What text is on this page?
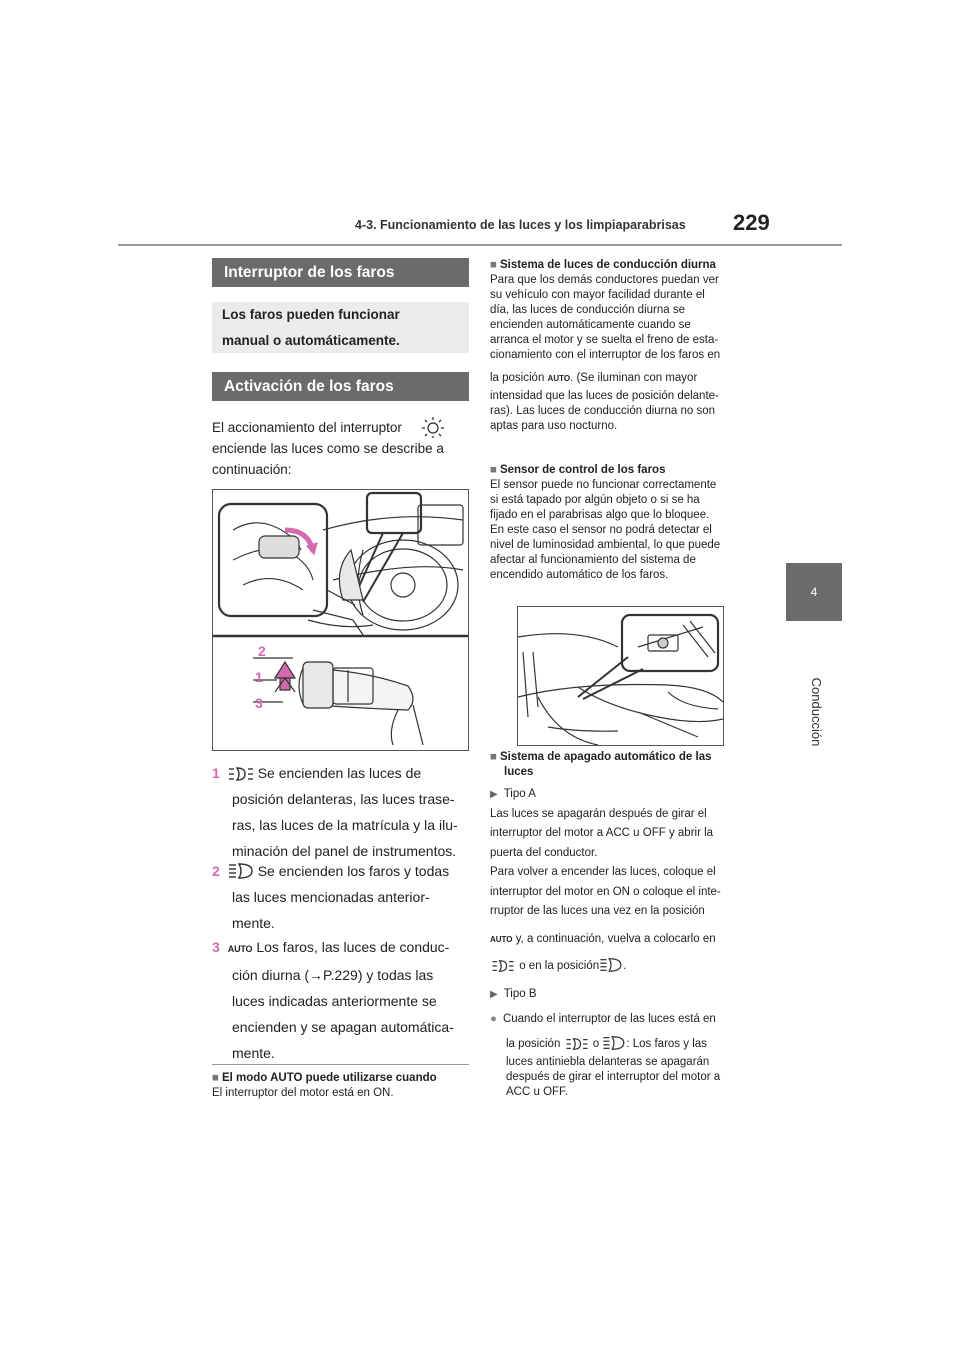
4-3. Funcionamiento de las luces y los limpiaparabrisas 229
4
Conducción
Interruptor de los faros
Los faros pueden funcionar
manual o automáticamente.
Activación de los faros
El accionamiento del interruptor
enciende las luces como se describe a
continuación:
2
1
3
1	Se encienden las luces de
posición delanteras, las luces trase-
ras, las luces de la matrícula y la ilu-
minación del panel de instrumentos.
2	Se encienden los faros y todas
las luces mencionadas anterior-
mente.
3 AUTO Los faros, las luces de conduc-
ción diurna (→P.229) y todas las
luces indicadas anteriormente se
encienden y se apagan automática-
mente.
■ El modo AUTO puede utilizarse cuando
El interruptor del motor está en ON.
■ Sistema de luces de conducción diurna
Para que los demás conductores puedan ver
su vehículo con mayor facilidad durante el
día, las luces de conducción diurna se
encienden automáticamente cuando se
arranca el motor y se suelta el freno de esta-
cionamiento con el interruptor de los faros en
la posición AUTO. (Se iluminan con mayor
intensidad que las luces de posición delante-
ras). Las luces de conducción diurna no son
aptas para uso nocturno.
■ Sensor de control de los faros
El sensor puede no funcionar correctamente
si está tapado por algún objeto o si se ha
fijado en el parabrisas algo que lo bloquee.
En este caso el sensor no podrá detectar el
nivel de luminosidad ambiental, lo que puede
afectar al funcionamiento del sistema de
encendido automático de los faros.
■ Sistema de apagado automático de las
luces
▶ Tipo A
Las luces se apagarán después de girar el
interruptor del motor a ACC u OFF y abrir la
puerta del conductor.
Para volver a encender las luces, coloque el
interruptor del motor en ON o coloque el inte-
rruptor de las luces una vez en la posición
AUTO y, a continuación, vuelva a colocarlo en
o en la posición .
▶ Tipo B
● Cuando el interruptor de las luces está en
la posición	o : Los faros y las
luces antiniebla delanteras se apagarán
después de girar el interruptor del motor a
ACC u OFF.
